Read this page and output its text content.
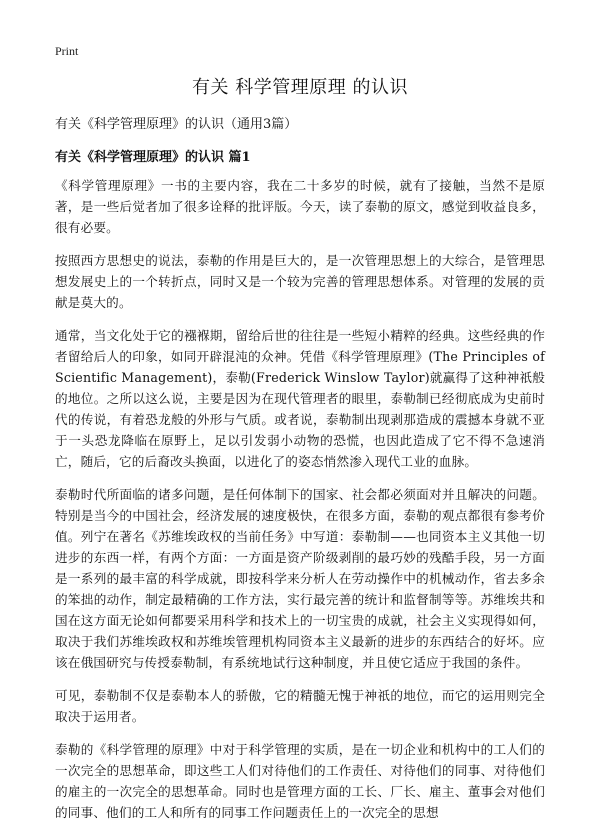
Print
有关 科学管理原理 的认识
有关《科学管理原理》的认识（通用3篇）
有关《科学管理原理》的认识 篇1

《科学管理原理》一书的主要内容，我在二十多岁的时候，就有了接触，当然不是原著，是一些后觉者加了很多诠释的批评版。今天，读了泰勒的原文，感觉到收益良多，很有必要。

按照西方思想史的说法，泰勒的作用是巨大的，是一次管理思想上的大综合，是管理思想发展史上的一个转折点，同时又是一个较为完善的管理思想体系。对管理的发展的贡献是莫大的。

通常，当文化处于它的襁褓期，留给后世的往往是一些短小精粹的经典。这些经典的作者留给后人的印象，如同开辟混沌的众神。凭借《科学管理原理》(The Principles of Scientific Management)，泰勒(Frederick Winslow Taylor)就赢得了这种神祇般的地位。之所以这么说，主要是因为在现代管理者的眼里，泰勒制已经彻底成为史前时代的传说，有着恐龙般的外形与气质。或者说，泰勒制出现剥那造成的震撼本身就不亚于一头恐龙降临在原野上，足以引发弱小动物的恐慌，也因此造成了它不得不急速消亡，随后，它的后裔改头换面，以进化了的姿态悄然渗入现代工业的血脉。

泰勒时代所面临的诸多问题，是任何体制下的国家、社会都必须面对并且解决的问题。特别是当今的中国社会，经济发展的速度极快，在很多方面，泰勒的观点都很有参考价值。列宁在著名《苏维埃政权的当前任务》中写道：泰勒制——也同资本主义其他一切进步的东西一样，有两个方面：一方面是资产阶级剥削的最巧妙的残酷手段，另一方面是一系列的最丰富的科学成就，即按科学来分析人在劳动操作中的机械动作，省去多余的笨拙的动作，制定最精确的工作方法，实行最完善的统计和监督制等等。苏维埃共和国在这方面无论如何都要采用科学和技术上的一切宝贵的成就，社会主义实现得如何，取决于我们苏维埃政权和苏维埃管理机构同资本主义最新的进步的东西结合的好坏。应该在俄国研究与传授泰勒制，有系统地试行这种制度，并且使它适应于我国的条件。

可见，泰勒制不仅是泰勒本人的骄傲，它的精髓无愧于神祇的地位，而它的运用则完全取决于运用者。

泰勒的《科学管理的原理》中对于科学管理的实质，是在一切企业和机构中的工人们的一次完全的思想革命，即这些工人们对待他们的工作责任、对待他们的同事、对待他们的雇主的一次完全的思想革命。同时也是管理方面的工长、厂长、雇主、董事会对他们的同事、他们的工人和所有的同事工作问题责任上的一次完全的思想
